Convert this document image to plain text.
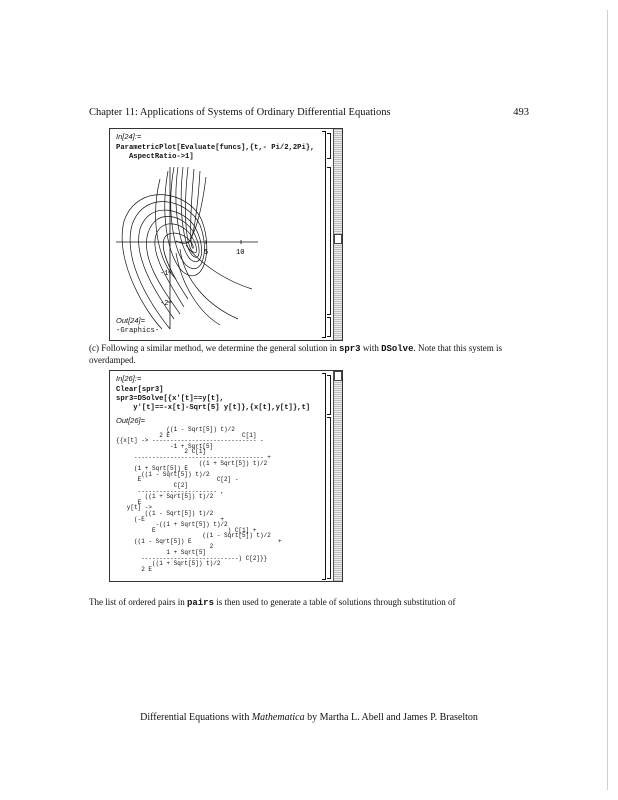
Chapter 11: Applications of Systems of Ordinary Differential Equations	493
In[24]:=
ParametricPlot[Evaluate[funcs],{t,- Pi/2,2Pi},
AspectRatio->1]
5	10
-1
-2
Out[24]=
-Graphics-

(c) Following a similar method, we determine the general solution in spr3 with DSolve. Note that this system is overdamped.

In[26]:=
Clear[spr3]
spr3=DSolve[{x'[t]==y[t],
y'[t]==-x[t]-Sqrt[5] y[t]},{x[t],y[t]},t]
Out[26]=
((1 - Sqrt[5]) t)/2
2 E                    C[1]
{{x[t] -> ----------------------------- -
-1 + Sqrt[5]
2 C[1]
------------------------------------ +
((1 + Sqrt[5]) t)/2
(1 + Sqrt[5]) E
((1 - Sqrt[5]) t)/2
E                     C[2] -
C[2]
---------------------- ,
((1 + Sqrt[5]) t)/2
E
y[t] ->
((1 - Sqrt[5]) t)/2
(-E                     +
-((1 + Sqrt[5]) t)/2
E                    ) C[1] +
((1 - Sqrt[5]) t)/2
((1 - Sqrt[5]) E                        +
2
1 + Sqrt[5]
---------------------------) C[2]}}
((1 + Sqrt[5]) t)/2
2 E

The list of ordered pairs in pairs is then used to generate a table of solutions through substitution of

Differential Equations with Mathematica by Martha L. Abell and James P. Braselton
